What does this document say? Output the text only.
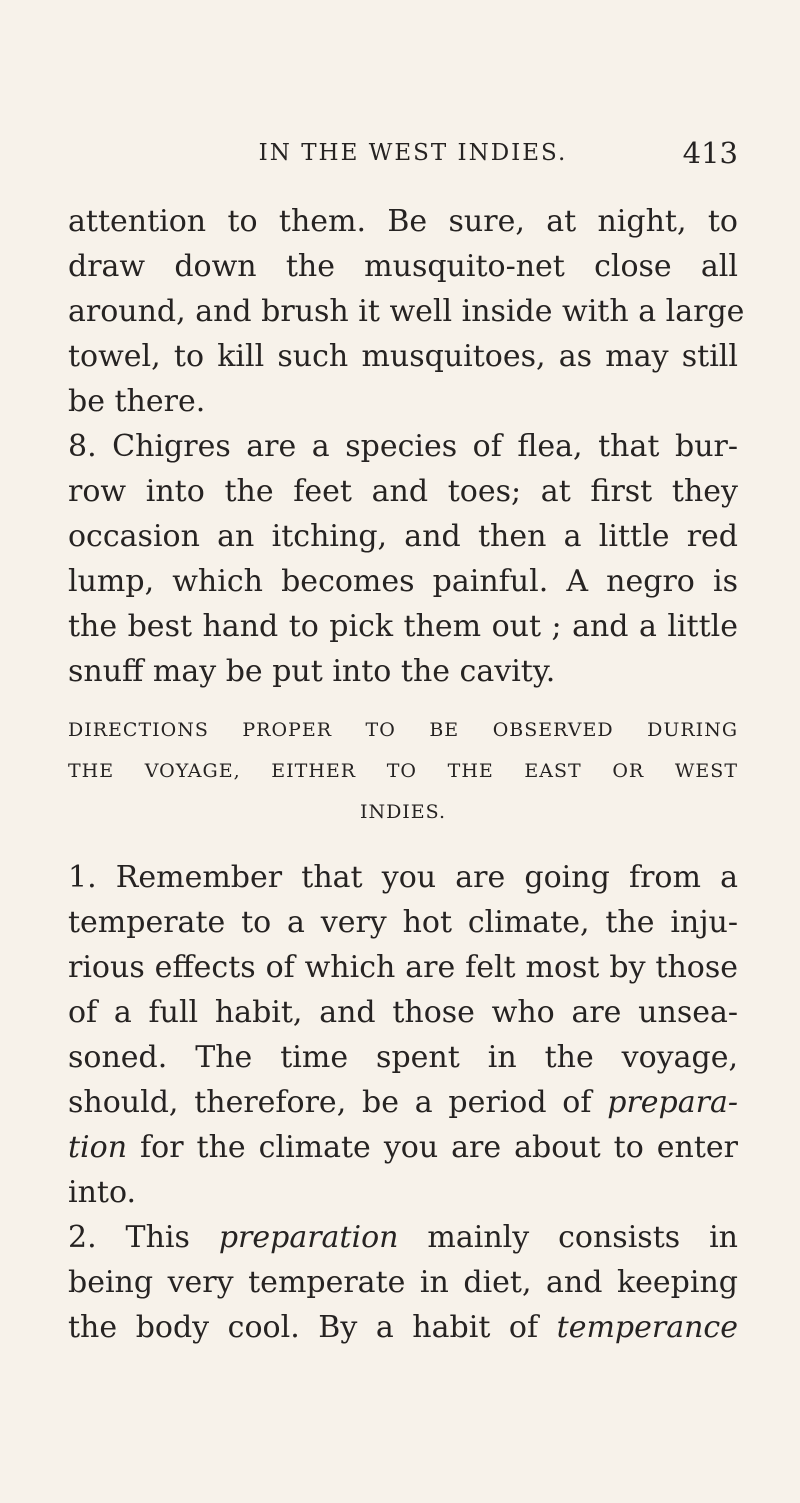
IN THE WEST INDIES.	413
attention to them. Be sure, at night, to
draw down the musquito-net close all
around, and brush it well inside with a large
towel, to kill such musquitoes, as may still
be there.
8. Chigres are a species of flea, that bur-
row into the feet and toes; at first they
occasion an itching, and then a little red
lump, which becomes painful. A negro is
the best hand to pick them out ; and a little
snuff may be put into the cavity.
DIRECTIONS PROPER TO BE OBSERVED DURING
THE VOYAGE, EITHER TO THE EAST OR WEST
INDIES.
1. Remember that you are going from a
temperate to a very hot climate, the inju-
rious effects of which are felt most by those
of a full habit, and those who are unsea-
soned. The time spent in the voyage,
should, therefore, be a period of prepara-
tion for the climate you are about to enter
into.
2. This preparation mainly consists in
being very temperate in diet, and keeping
the body cool. By a habit of temperance
